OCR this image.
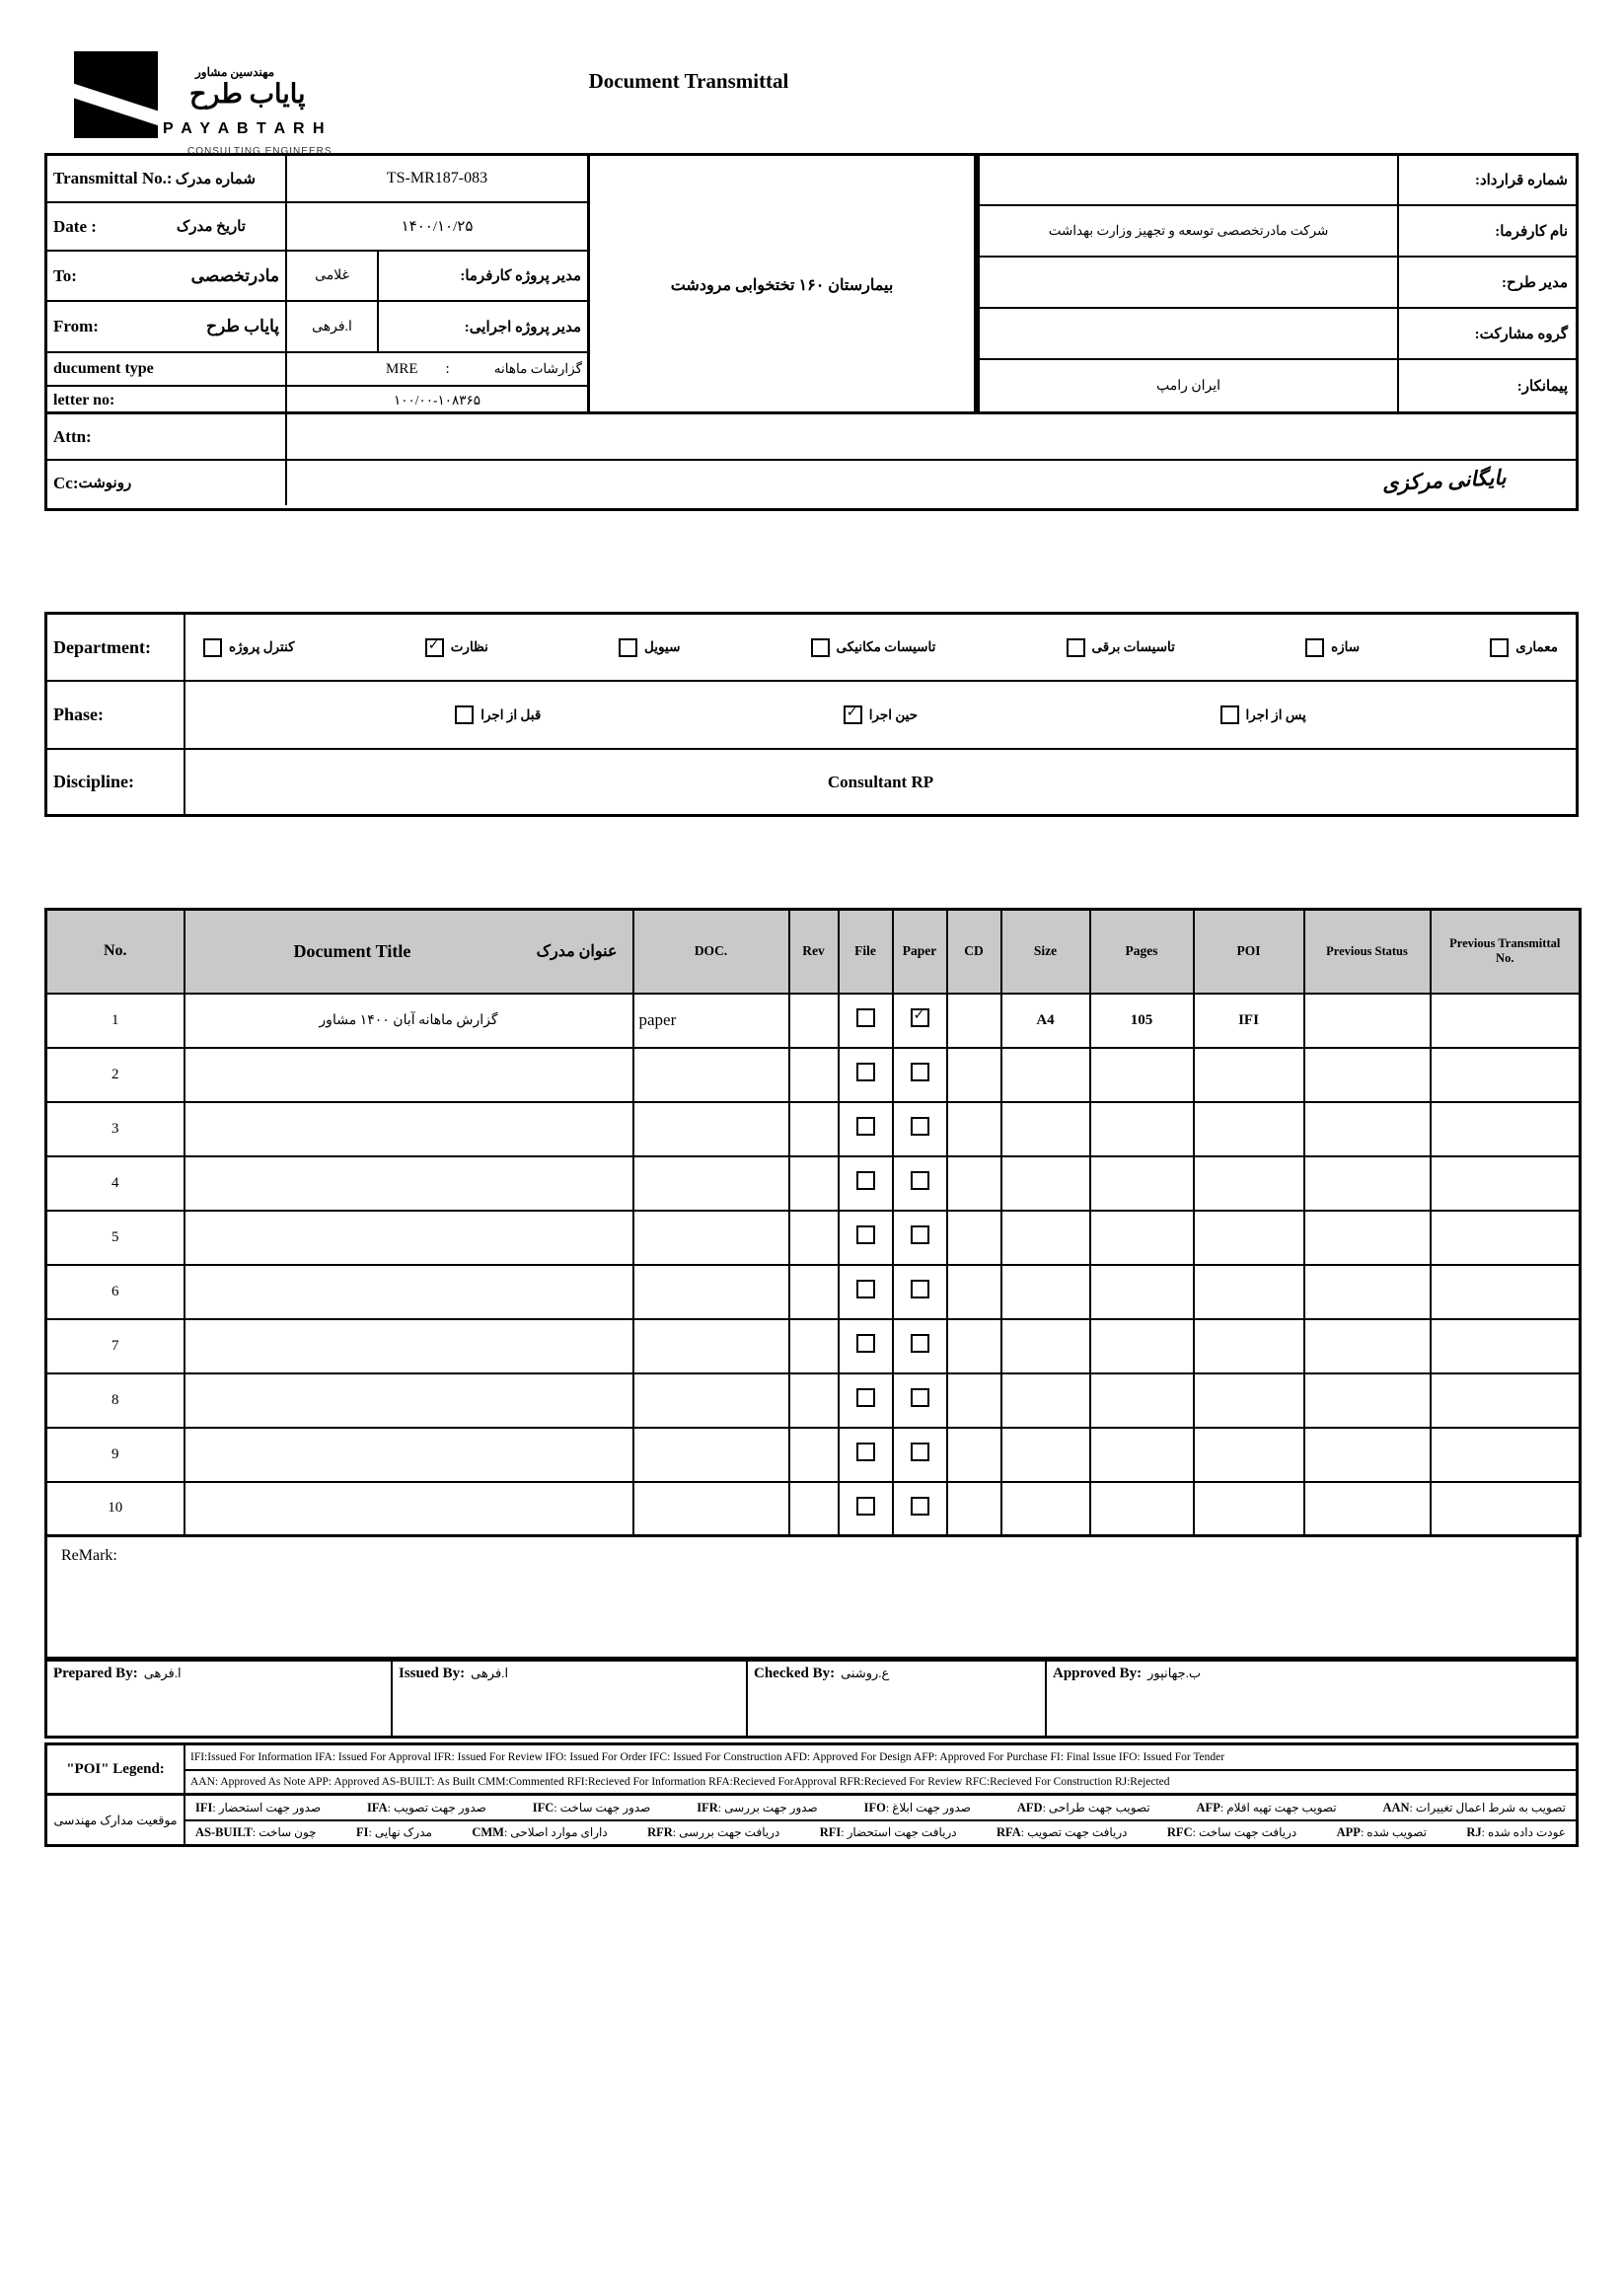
مهندسین مشاور
پایاب طرح
P A Y A B T A R H
CONSULTING ENGINEERS
Document Transmittal
Transmittal No.: شماره مدرک	TS-MR187-083
بیمارستان ۱۶۰ تختخوابی مرودشت
Date :	تاریخ مدرک	۱۴۰۰/۱۰/۲۵
To:	مادرتخصصی	غلامی	مدیر پروژه کارفرما:
From:	پایاب طرح	ا.فرهی	مدیر پروژه اجرایی:
ducument type	MRE	:	گزارشات ماهانه
letter no:	۱۰۰/۰۰-۱۰۸۳۶۵
شماره قرارداد:
شرکت مادرتخصصی توسعه و تجهیز وزارت بهداشت	نام کارفرما:
مدیر طرح:
گروه مشارکت:
ایران رامپ	پیمانکار:
Attn:
Cc: رونوشت	بایگانی مرکزی
Department:	معماری
سازه
تاسیسات برقی
تاسیسات مکانیکی
سیویل
نظارت
✓
کنترل پروژه
Phase:	پس از اجرا
حین اجرا
✓
قبل از اجرا
Discipline:	Consultant RP
No.	Document Title عنوان مدرک	DOC.	Rev	File	Paper	CD	Size	Pages	POI	Previous Status	Previous Transmittal No.
1	گزارش ماهانه آبان ۱۴۰۰ مشاور	paper			✓		A4	105	IFI		
2											
3											
4											
5											
6											
7											
8											
9											
10											
ReMark:
Prepared By: ا.فرهی	Issued By: ا.فرهی	Checked By: ع.روشنی	Approved By: ب.جهانپور
"POI" Legend:
IFI:Issued For Information IFA: Issued For Approval IFR: Issued For Review IFO: Issued For Order IFC: Issued For Construction AFD: Approved For Design AFP: Approved For Purchase FI: Final Issue IFO: Issued For Tender
AAN: Approved As Note APP: Approved AS-BUILT: As Built CMM:Commented RFI:Recieved For Information RFA:Recieved ForApproval RFR:Recieved For Review RFC:Recieved For Construction RJ:Rejected
موقعیت مدارک مهندسی
IFI: صدور جهت استحضار	IFA: صدور جهت تصویب	IFC: صدور جهت ساخت	IFR: صدور جهت بررسی	IFO: صدور جهت ابلاغ	AFD: تصویب جهت طراحی	AFP: تصویب جهت تهیه اقلام	AAN: تصویب به شرط اعمال تغییرات
AS-BUILT: چون ساخت	FI: مدرک نهایی	CMM: دارای موارد اصلاحی	RFR: دریافت جهت بررسی	RFI: دریافت جهت استحضار	RFA: دریافت جهت تصویب	RFC: دریافت جهت ساخت	APP: تصویب شده	RJ: عودت داده شده
